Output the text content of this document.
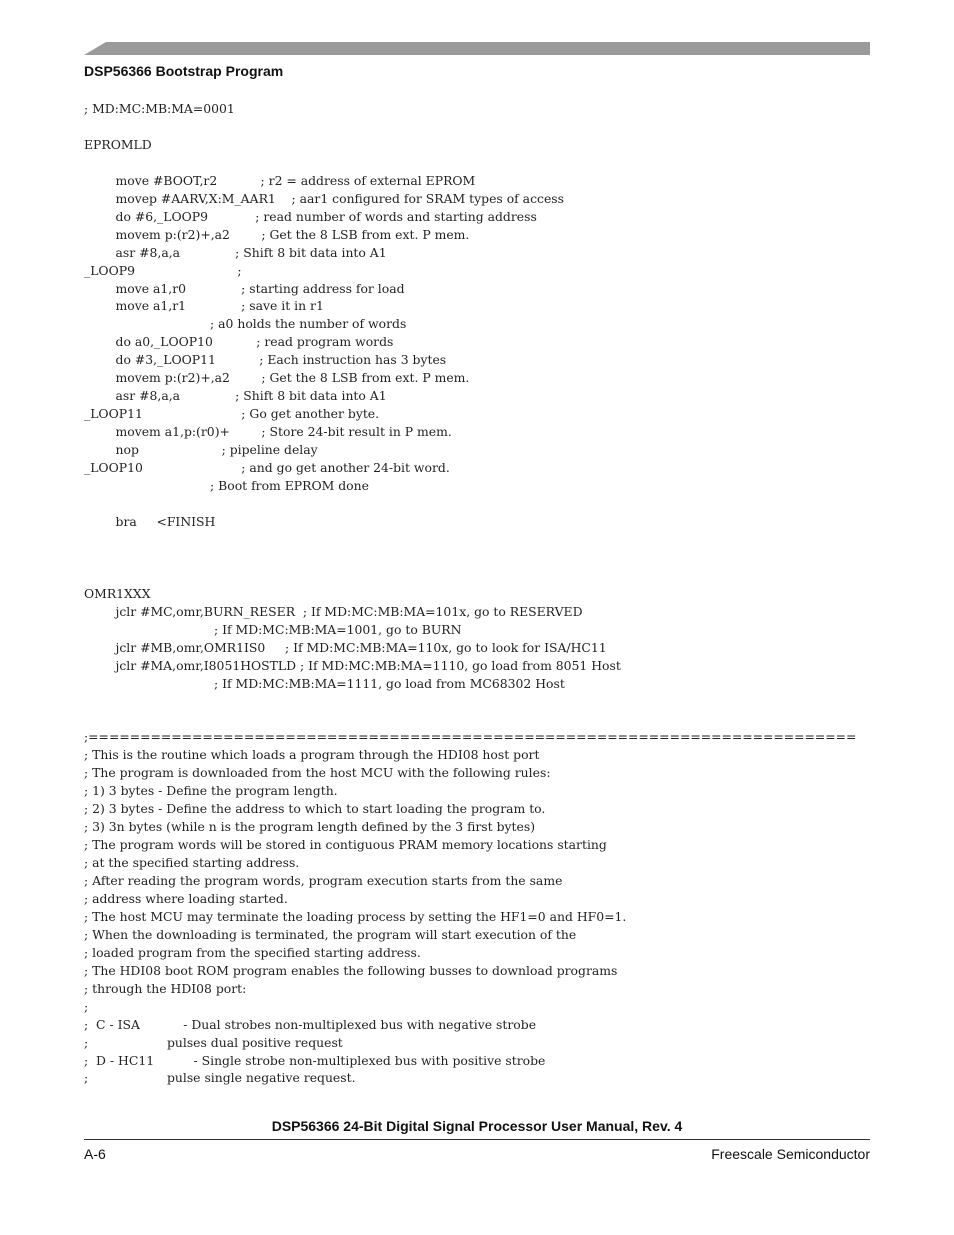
DSP56366 Bootstrap Program
; MD:MC:MB:MA=0001

EPROMLD

move #BOOT,r2           ; r2 = address of external EPROM
movep #AARV,X:M_AAR1    ; aar1 configured for SRAM types of access
do #6,_LOOP9            ; read number of words and starting address
movem p:(r2)+,a2        ; Get the 8 LSB from ext. P mem.
asr #8,a,a              ; Shift 8 bit data into A1
_LOOP9                          ;
move a1,r0              ; starting address for load
move a1,r1              ; save it in r1
; a0 holds the number of words
do a0,_LOOP10           ; read program words
do #3,_LOOP11           ; Each instruction has 3 bytes
movem p:(r2)+,a2        ; Get the 8 LSB from ext. P mem.
asr #8,a,a              ; Shift 8 bit data into A1
_LOOP11                         ; Go get another byte.
movem a1,p:(r0)+        ; Store 24-bit result in P mem.
nop                     ; pipeline delay
_LOOP10                         ; and go get another 24-bit word.
; Boot from EPROM done

bra     <FINISH

OMR1XXX
jclr #MC,omr,BURN_RESER  ; If MD:MC:MB:MA=101x, go to RESERVED
; If MD:MC:MB:MA=1001, go to BURN
jclr #MB,omr,OMR1IS0     ; If MD:MC:MB:MA=110x, go to look for ISA/HC11
jclr #MA,omr,I8051HOSTLD ; If MD:MC:MB:MA=1110, go load from 8051 Host
; If MD:MC:MB:MA=1111, go load from MC68302 Host

;==========================================================================
; This is the routine which loads a program through the HDI08 host port
; The program is downloaded from the host MCU with the following rules:
; 1) 3 bytes - Define the program length.
; 2) 3 bytes - Define the address to which to start loading the program to.
; 3) 3n bytes (while n is the program length defined by the 3 first bytes)
; The program words will be stored in contiguous PRAM memory locations starting
; at the specified starting address.
; After reading the program words, program execution starts from the same
; address where loading started.
; The host MCU may terminate the loading process by setting the HF1=0 and HF0=1.
; When the downloading is terminated, the program will start execution of the
; loaded program from the specified starting address.
; The HDI08 boot ROM program enables the following busses to download programs
; through the HDI08 port:
;
;  C - ISA           - Dual strobes non-multiplexed bus with negative strobe
;                    pulses dual positive request
;  D - HC11          - Single strobe non-multiplexed bus with positive strobe
;                    pulse single negative request.
DSP56366 24-Bit Digital Signal Processor User Manual, Rev. 4
A-6	Freescale Semiconductor
